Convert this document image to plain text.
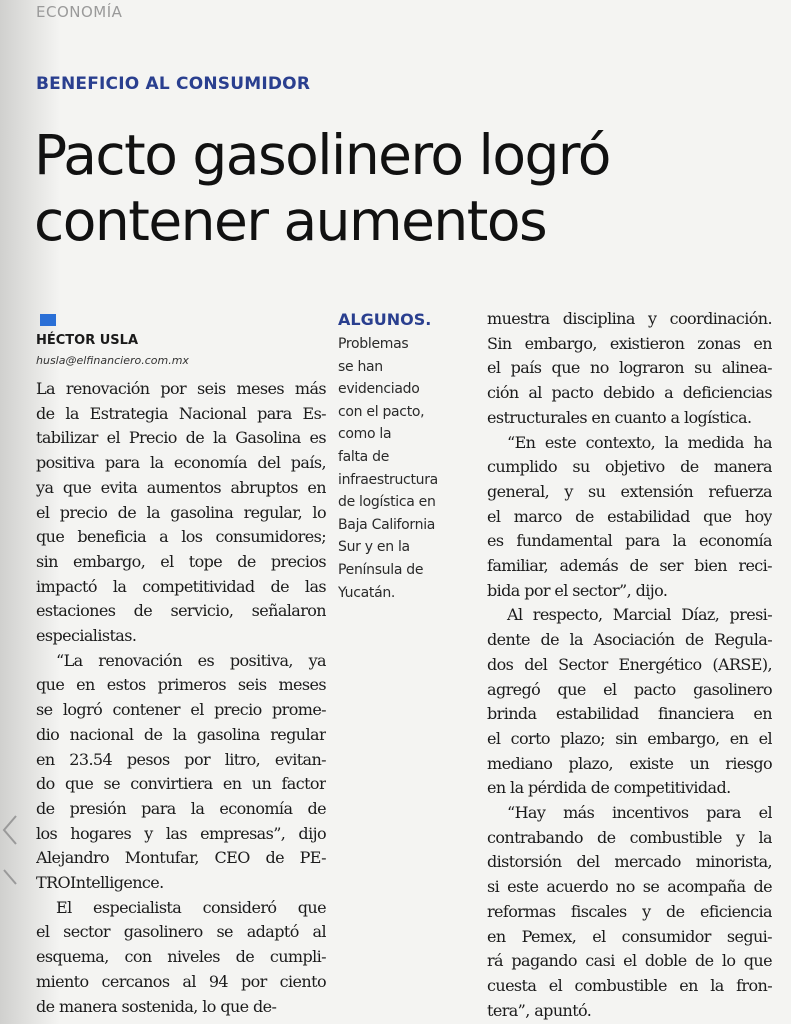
ECONOMÍA
BENEFICIO AL CONSUMIDOR
Pacto gasolinero logró
contener aumentos
HÉCTOR USLA
husla@elfinanciero.com.mx
La renovación por seis meses más
de la Estrategia Nacional para Es-
tabilizar el Precio de la Gasolina es
positiva para la economía del país,
ya que evita aumentos abruptos en
el precio de la gasolina regular, lo
que beneficia a los consumidores;
sin embargo, el tope de precios
impactó la competitividad de las
estaciones de servicio, señalaron
especialistas.
“La renovación es positiva, ya
que en estos primeros seis meses
se logró contener el precio prome-
dio nacional de la gasolina regular
en 23.54 pesos por litro, evitan-
do que se convirtiera en un factor
de presión para la economía de
los hogares y las empresas”, dijo
Alejandro Montufar, CEO de PE-
TROIntelligence.
El especialista consideró que
el sector gasolinero se adaptó al
esquema, con niveles de cumpli-
miento cercanos al 94 por ciento
de manera sostenida, lo que de-
ALGUNOS.
Problemas
se han
evidenciado
con el pacto,
como la
falta de
infraestructura
de logística en
Baja California
Sur y en la
Península de
Yucatán.
muestra disciplina y coordinación.
Sin embargo, existieron zonas en
el país que no lograron su alinea-
ción al pacto debido a deficiencias
estructurales en cuanto a logística.
“En este contexto, la medida ha
cumplido su objetivo de manera
general, y su extensión refuerza
el marco de estabilidad que hoy
es fundamental para la economía
familiar, además de ser bien reci-
bida por el sector”, dijo.
Al respecto, Marcial Díaz, presi-
dente de la Asociación de Regula-
dos del Sector Energético (ARSE),
agregó que el pacto gasolinero
brinda estabilidad financiera en
el corto plazo; sin embargo, en el
mediano plazo, existe un riesgo
en la pérdida de competitividad.
“Hay más incentivos para el
contrabando de combustible y la
distorsión del mercado minorista,
si este acuerdo no se acompaña de
reformas fiscales y de eficiencia
en Pemex, el consumidor segui-
rá pagando casi el doble de lo que
cuesta el combustible en la fron-
tera”, apuntó.
